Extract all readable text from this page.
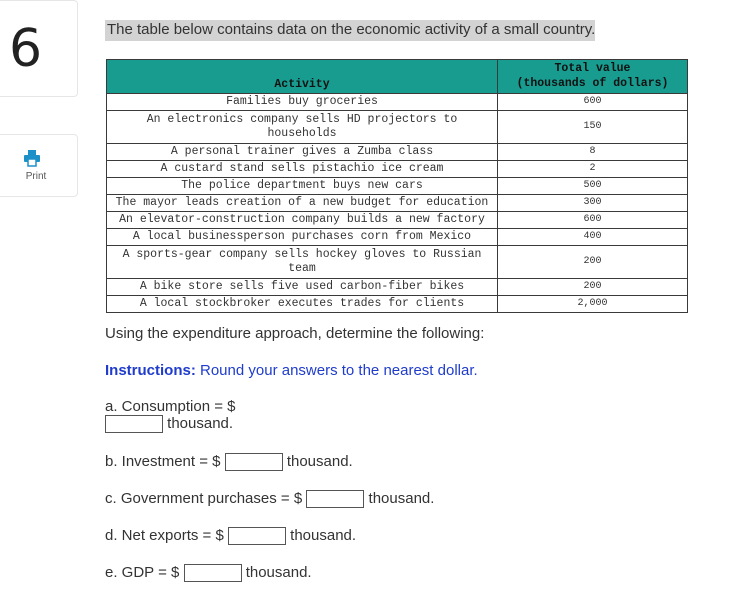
6
Print
The table below contains data on the economic activity of a small country.
Activity	Total value
(thousands of dollars)
Families buy groceries	600
An electronics company sells HD projectors to households	150
A personal trainer gives a Zumba class	8
A custard stand sells pistachio ice cream	2
The police department buys new cars	500
The mayor leads creation of a new budget for education	300
An elevator-construction company builds a new factory	600
A local businessperson purchases corn from Mexico	400
A sports-gear company sells hockey gloves to Russian team	200
A bike store sells five used carbon-fiber bikes	200
A local stockbroker executes trades for clients	2,000
Using the expenditure approach, determine the following:
Instructions: Round your answers to the nearest dollar.
a. Consumption = $
thousand.
b. Investment = $	thousand.
c. Government purchases = $	thousand.
d. Net exports = $	thousand.
e. GDP = $	thousand.
